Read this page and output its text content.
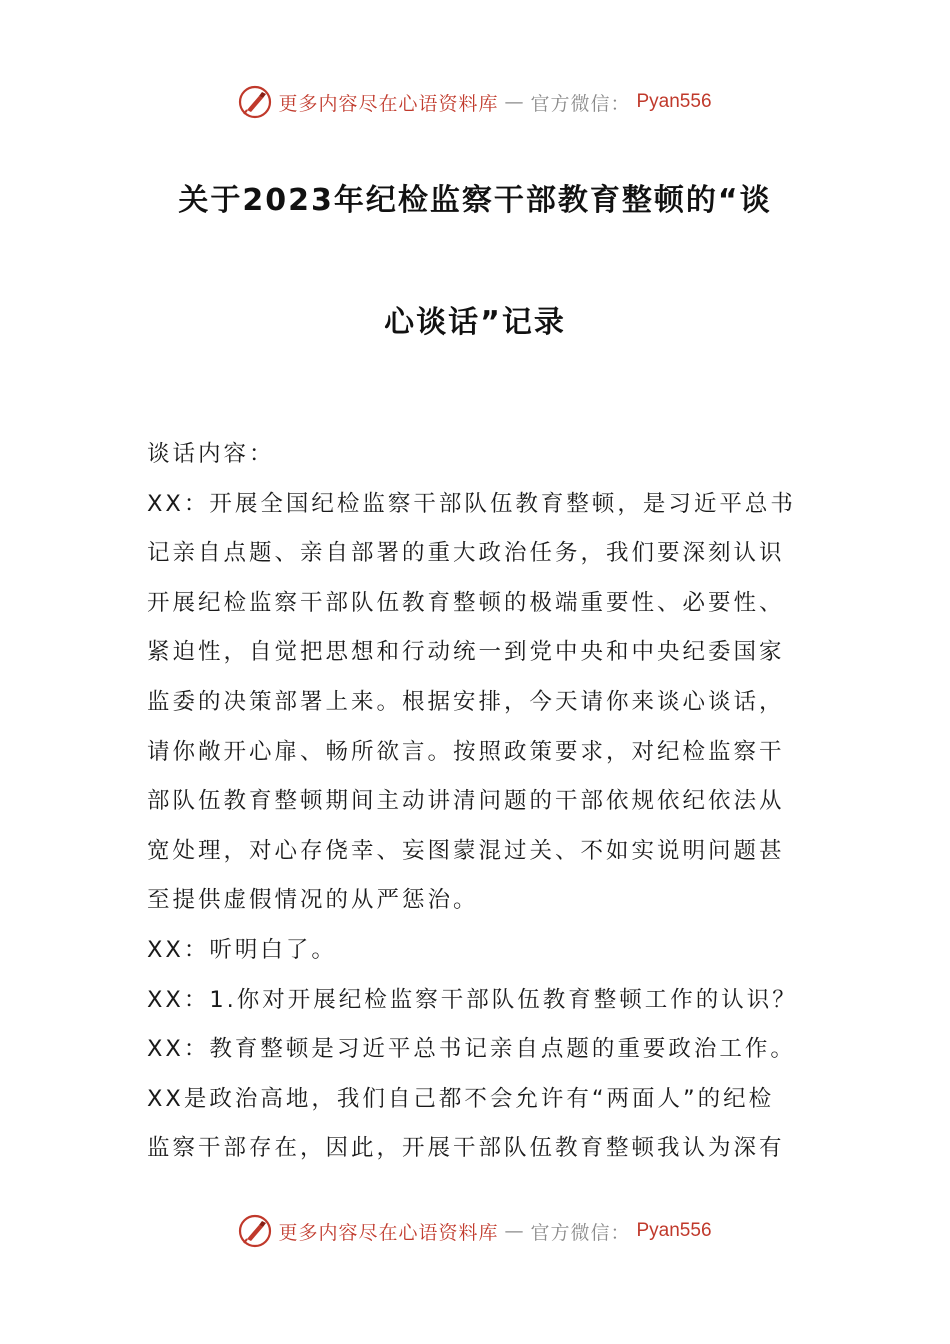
更多内容尽在心语资料库 — 官方微信： Pyan556
关于2023年纪检监察干部教育整顿的“谈
心谈话”记录
谈话内容：
XX：开展全国纪检监察干部队伍教育整顿，是习近平总书
记亲自点题、亲自部署的重大政治任务，我们要深刻认识
开展纪检监察干部队伍教育整顿的极端重要性、必要性、
紧迫性，自觉把思想和行动统一到党中央和中央纪委国家
监委的决策部署上来。根据安排，今天请你来谈心谈话，
请你敞开心扉、畅所欲言。按照政策要求，对纪检监察干
部队伍教育整顿期间主动讲清问题的干部依规依纪依法从
宽处理，对心存侥幸、妄图蒙混过关、不如实说明问题甚
至提供虚假情况的从严惩治。
XX：听明白了。
XX：1.你对开展纪检监察干部队伍教育整顿工作的认识？
XX：教育整顿是习近平总书记亲自点题的重要政治工作。
XX是政治高地，我们自己都不会允许有“两面人”的纪检
监察干部存在，因此，开展干部队伍教育整顿我认为深有
更多内容尽在心语资料库 — 官方微信： Pyan556
